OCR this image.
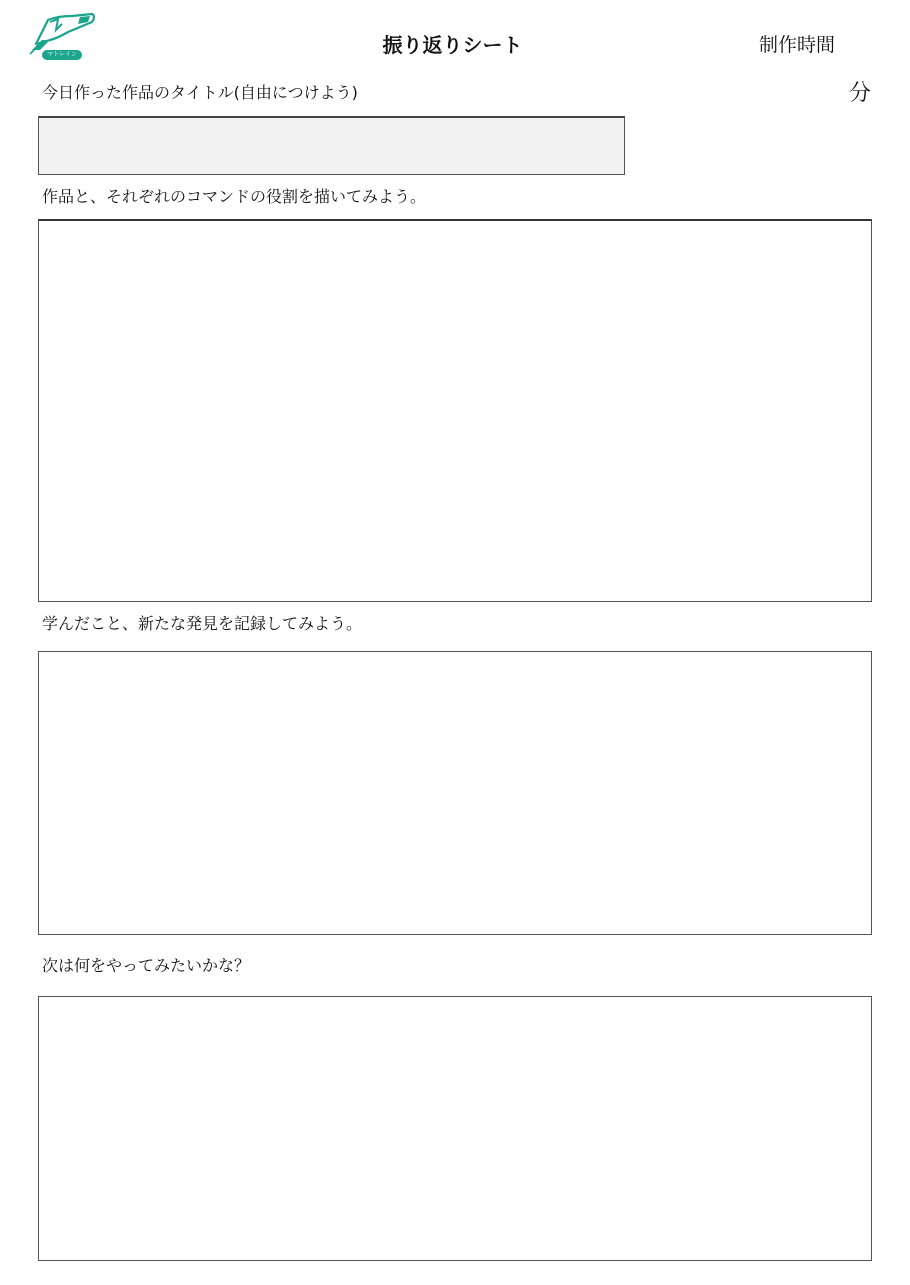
マトレイン	振り返りシート	制作時間
分
今日作った作品のタイトル(自由につけよう)
作品と、それぞれのコマンドの役割を描いてみよう。
学んだこと、新たな発見を記録してみよう。
次は何をやってみたいかな？
